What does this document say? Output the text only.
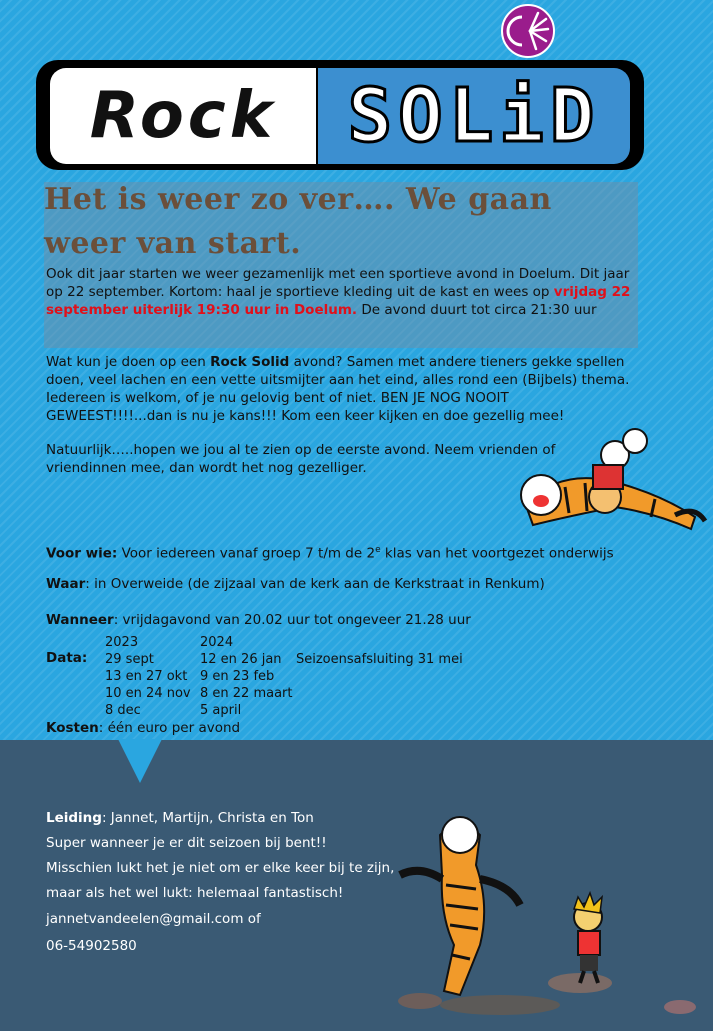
Rock SOLiD
Het is weer zo ver…. We gaan weer van start.
Ook dit jaar starten we weer gezamenlijk met een sportieve avond in Doelum. Dit jaar op 22 september. Kortom: haal je sportieve kleding uit de kast en wees op vrijdag 22 september uiterlijk 19:30 uur in Doelum. De avond duurt tot circa 21:30 uur
Wat kun je doen op een Rock Solid avond? Samen met andere tieners gekke spellen doen, veel lachen en een vette uitsmijter aan het eind, alles rond een (Bijbels) thema. Iedereen is welkom, of je nu gelovig bent of niet. BEN JE NOG NOOIT GEWEEST!!!!...dan is nu je kans!!! Kom een keer kijken en doe gezellig mee!
Natuurlijk…..hopen we jou al te zien op de eerste avond. Neem vrienden of vriendinnen mee, dan wordt het nog gezelliger.
Voor wie: Voor iedereen vanaf groep 7 t/m de 2e klas van het voortgezet onderwijs
Waar: in Overweide (de zijzaal van de kerk aan de Kerkstraat in Renkum)
Wanneer: vrijdagavond van 20.02 uur tot ongeveer 21.28 uur
Data:
2023
29 sept
13 en 27 okt
10 en 24 nov
8 dec
2024
12 en 26 jan
9 en 23 feb
8 en 22 maart
5 april
Seizoensafsluiting 31 mei
Kosten: één euro per avond
Leiding: Jannet, Martijn, Christa en Ton
Super wanneer je er dit seizoen bij bent!!
Misschien lukt het je niet om er elke keer bij te zijn,
maar als het wel lukt: helemaal fantastisch!
jannetvandeelen@gmail.com of
06-54902580
